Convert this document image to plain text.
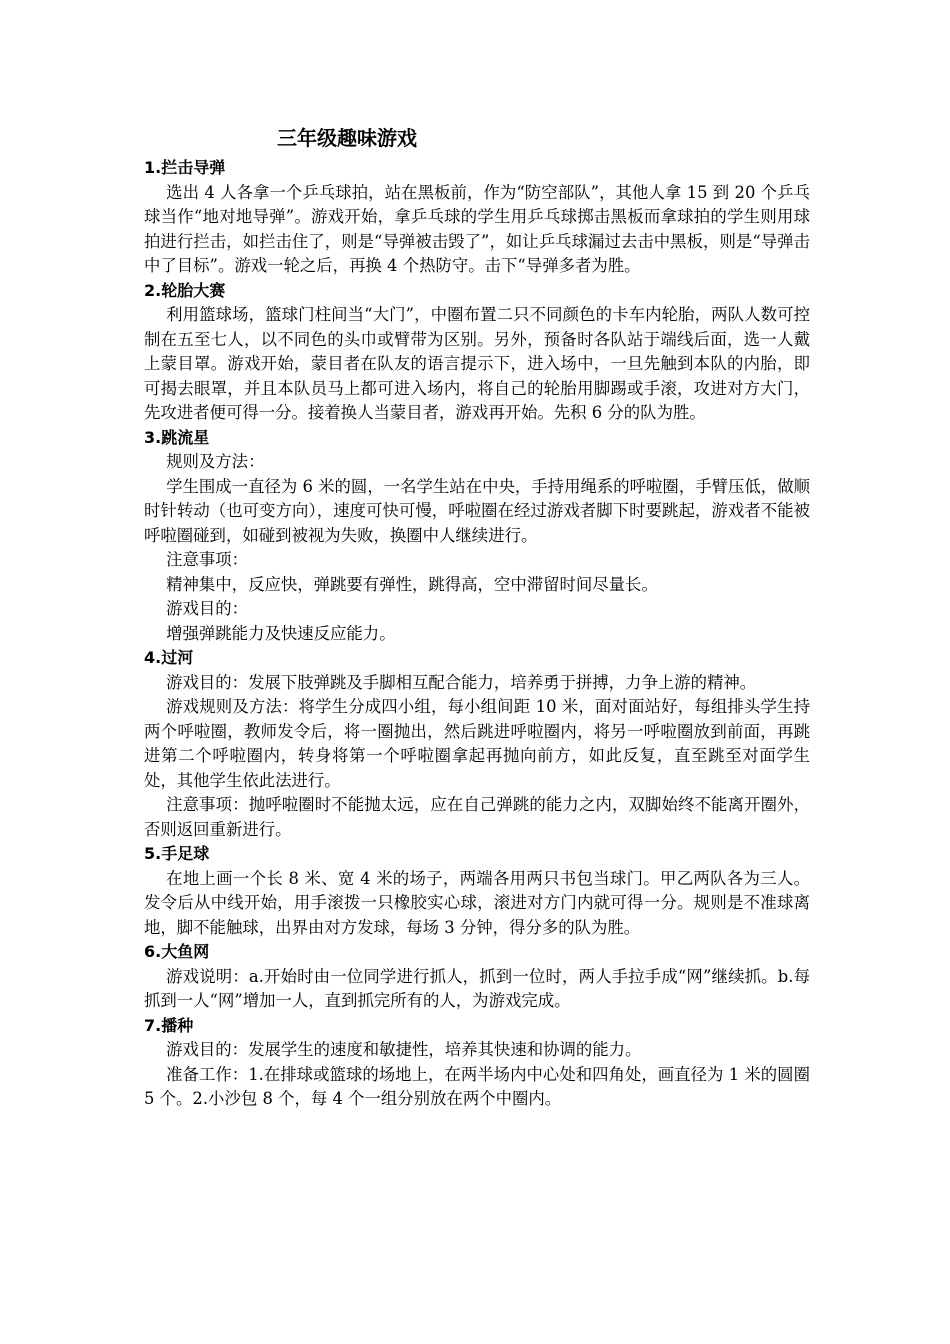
三年级趣味游戏
1.拦击导弹

选出 4 人各拿一个乒乓球拍，站在黑板前，作为“防空部队”，其他人拿 15 到 20 个乒乓球当作“地对地导弹”。游戏开始，拿乒乓球的学生用乒乓球掷击黑板而拿球拍的学生则用球拍进行拦击，如拦击住了，则是“导弹被击毁了”，如让乒乓球漏过去击中黑板，则是“导弹击中了目标”。游戏一轮之后，再换 4 个热防守。击下“导弹多者为胜。

2.轮胎大赛

利用篮球场，篮球门柱间当“大门”，中圈布置二只不同颜色的卡车内轮胎，两队人数可控制在五至七人，以不同色的头巾或臂带为区别。另外，预备时各队站于端线后面，选一人戴上蒙目罩。游戏开始，蒙目者在队友的语言提示下，进入场中，一旦先触到本队的内胎，即可揭去眼罩，并且本队员马上都可进入场内，将自己的轮胎用脚踢或手滚，攻进对方大门，先攻进者便可得一分。接着换人当蒙目者，游戏再开始。先积 6 分的队为胜。

3.跳流星

规则及方法：

学生围成一直径为 6 米的圆，一名学生站在中央，手持用绳系的呼啦圈，手臂压低，做顺时针转动（也可变方向），速度可快可慢，呼啦圈在经过游戏者脚下时要跳起，游戏者不能被呼啦圈碰到，如碰到被视为失败，换圈中人继续进行。

注意事项：

精神集中，反应快，弹跳要有弹性，跳得高，空中滞留时间尽量长。

游戏目的：

增强弹跳能力及快速反应能力。

4.过河

游戏目的：发展下肢弹跳及手脚相互配合能力，培养勇于拼搏，力争上游的精神。

游戏规则及方法：将学生分成四小组，每小组间距 10 米，面对面站好，每组排头学生持两个呼啦圈，教师发令后，将一圈抛出，然后跳进呼啦圈内，将另一呼啦圈放到前面，再跳进第二个呼啦圈内，转身将第一个呼啦圈拿起再抛向前方，如此反复，直至跳至对面学生处，其他学生依此法进行。

注意事项：抛呼啦圈时不能抛太远，应在自己弹跳的能力之内，双脚始终不能离开圈外，否则返回重新进行。

5.手足球

在地上画一个长 8 米、宽 4 米的场子，两端各用两只书包当球门。甲乙两队各为三人。发令后从中线开始，用手滚拨一只橡胶实心球，滚进对方门内就可得一分。规则是不准球离地，脚不能触球，出界由对方发球，每场 3 分钟，得分多的队为胜。

6.大鱼网

游戏说明：a.开始时由一位同学进行抓人，抓到一位时，两人手拉手成“网”继续抓。b.每抓到一人“网”增加一人，直到抓完所有的人，为游戏完成。

7.播种

游戏目的：发展学生的速度和敏捷性，培养其快速和协调的能力。

准备工作：1.在排球或篮球的场地上，在两半场内中心处和四角处，画直径为 1 米的圆圈 5 个。2.小沙包 8 个，每 4 个一组分别放在两个中圈内。
